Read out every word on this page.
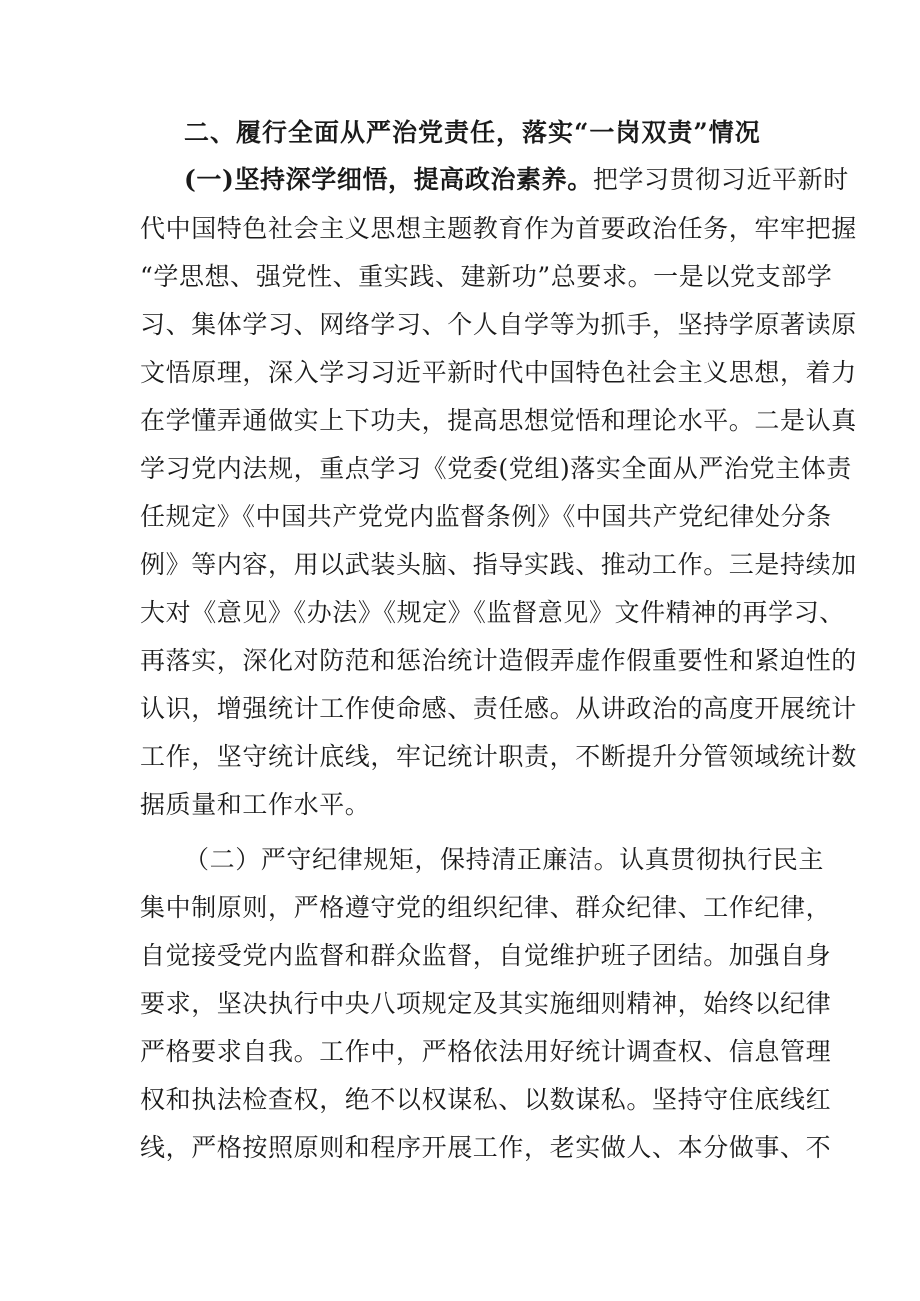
二、履行全面从严治党责任，落实“一岗双责”情况
(一)坚持深学细悟，提高政治素养。把学习贯彻习近平新时
代中国特色社会主义思想主题教育作为首要政治任务，牢牢把握
“学思想、强党性、重实践、建新功”总要求。一是以党支部学
习、集体学习、网络学习、个人自学等为抓手，坚持学原著读原
文悟原理，深入学习习近平新时代中国特色社会主义思想，着力
在学懂弄通做实上下功夫，提高思想觉悟和理论水平。二是认真
学习党内法规，重点学习《党委(党组)落实全面从严治党主体责
任规定》《中国共产党党内监督条例》《中国共产党纪律处分条
例》等内容，用以武装头脑、指导实践、推动工作。三是持续加
大对《意见》《办法》《规定》《监督意见》文件精神的再学习、
再落实，深化对防范和惩治统计造假弄虚作假重要性和紧迫性的
认识，增强统计工作使命感、责任感。从讲政治的高度开展统计
工作，坚守统计底线，牢记统计职责，不断提升分管领域统计数
据质量和工作水平。
（二）严守纪律规矩，保持清正廉洁。认真贯彻执行民主
集中制原则，严格遵守党的组织纪律、群众纪律、工作纪律，
自觉接受党内监督和群众监督，自觉维护班子团结。加强自身
要求，坚决执行中央八项规定及其实施细则精神，始终以纪律
严格要求自我。工作中，严格依法用好统计调查权、信息管理
权和执法检查权，绝不以权谋私、以数谋私。坚持守住底线红
线，严格按照原则和程序开展工作，老实做人、本分做事、不
